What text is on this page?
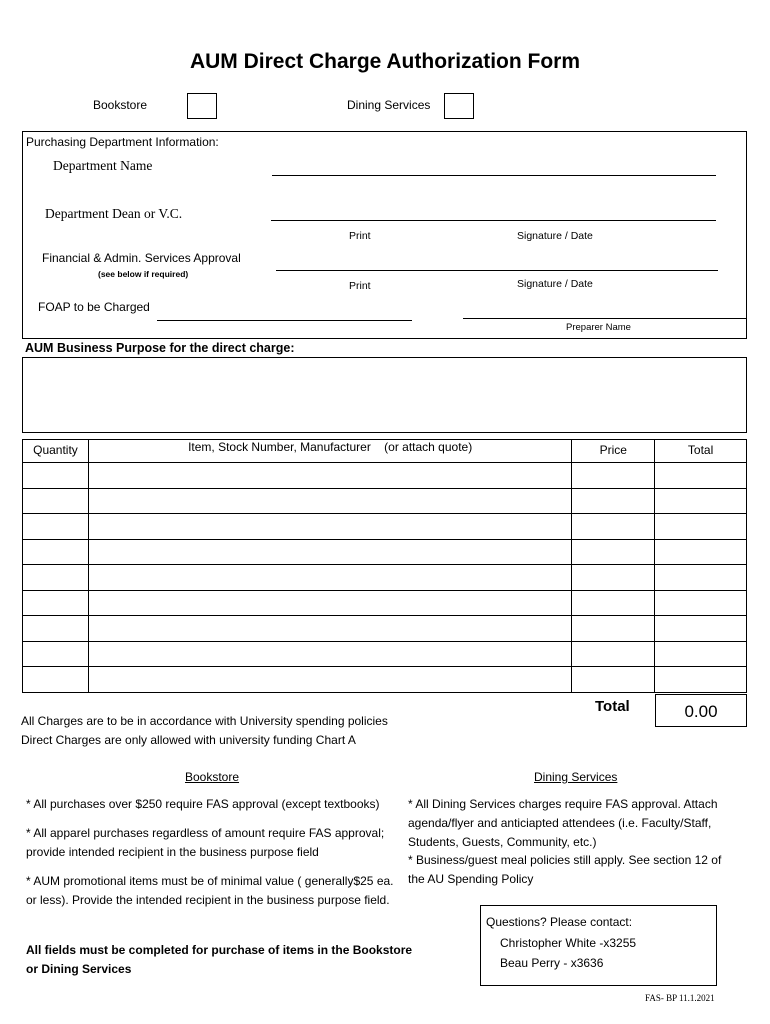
AUM Direct Charge Authorization Form
Bookstore	Dining Services
Purchasing Department Information:
Department Name
Department Dean or V.C.
Print	Signature / Date
Financial & Admin. Services Approval
(see below if required)
Print	Signature / Date
FOAP to be Charged
Preparer Name
AUM Business Purpose for the direct charge:
Quantity	Item, Stock Number, Manufacturer    (or attach quote)	Price	Total

Total	0.00
All Charges are to be in accordance with University spending policies
Direct Charges are only allowed with university funding Chart A
Bookstore
* All purchases over $250 require FAS approval (except textbooks)
* All apparel purchases regardless of amount require FAS approval; provide intended recipient in the business purpose field
* AUM promotional items must be of minimal value ( generally$25 ea. or less). Provide the intended recipient in the business purpose field.
All fields must be completed for purchase of items in the Bookstore or Dining Services
Dining Services
* All Dining Services charges require FAS approval. Attach agenda/flyer and anticiapted attendees (i.e. Faculty/Staff, Students, Guests, Community, etc.)
* Business/guest meal policies still apply. See section 12 of the AU Spending Policy
Questions? Please contact:
Christopher White -x3255
Beau Perry - x3636
FAS- BP 11.1.2021
